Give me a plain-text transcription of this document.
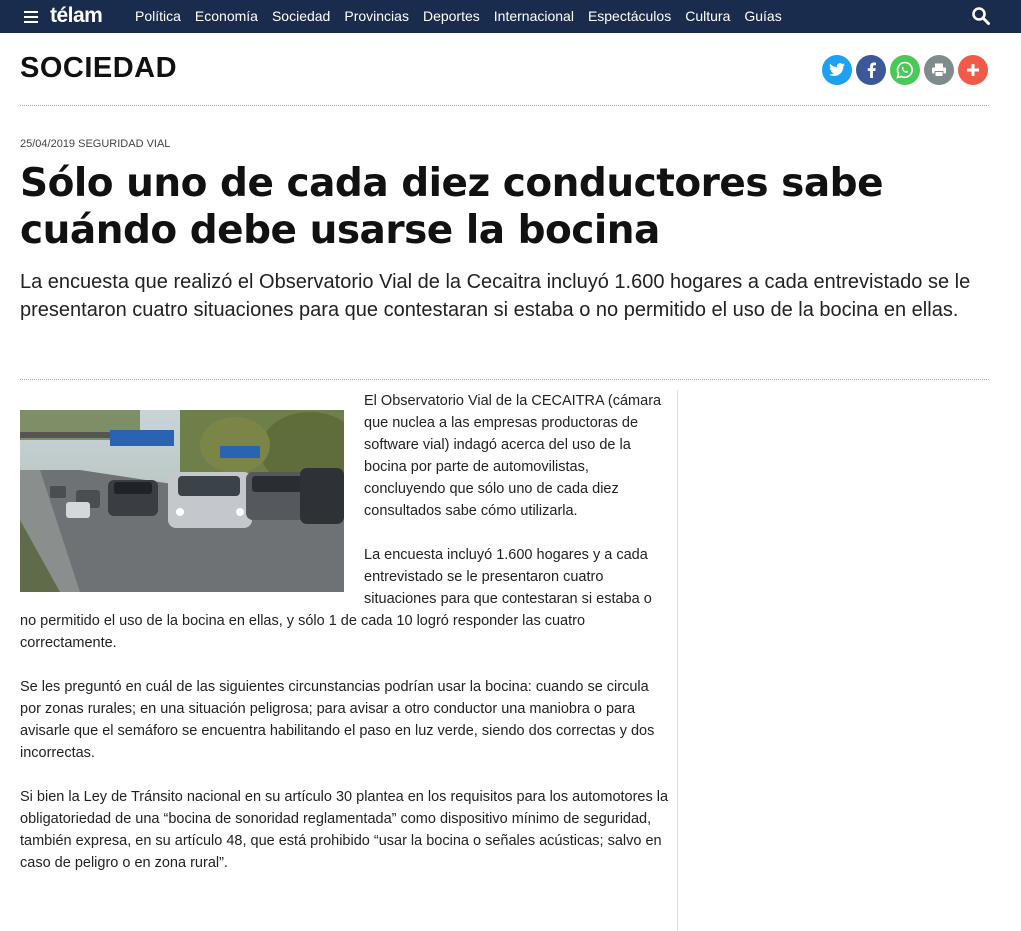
télam Política Economía Sociedad Provincias Deportes Internacional Espectáculos Cultura Guías
SOCIEDAD
25/04/2019 SEGURIDAD VIAL
Sólo uno de cada diez conductores sabe cuándo debe usarse la bocina

La encuesta que realizó el Observatorio Vial de la Cecaitra incluyó 1.600 hogares a cada entrevistado se le presentaron cuatro situaciones para que contestaran si estaba o no permitido el uso de la bocina en ellas.

El Observatorio Vial de la CECAITRA (cámara que nuclea a las empresas productoras de software vial) indagó acerca del uso de la bocina por parte de automovilistas, concluyendo que sólo uno de cada diez consultados sabe cómo utilizarla.

La encuesta incluyó 1.600 hogares y a cada entrevistado se le presentaron cuatro situaciones para que contestaran si estaba o no permitido el uso de la bocina en ellas, y sólo 1 de cada 10 logró responder las cuatro correctamente.

Se les preguntó en cuál de las siguientes circunstancias podrían usar la bocina: cuando se circula por zonas rurales; en una situación peligrosa; para avisar a otro conductor una maniobra o para avisarle que el semáforo se encuentra habilitando el paso en luz verde, siendo dos correctas y dos incorrectas.

Si bien la Ley de Tránsito nacional en su artículo 30 plantea en los requisitos para los automotores la obligatoriedad de una “bocina de sonoridad reglamentada” como dispositivo mínimo de seguridad, también expresa, en su artículo 48, que está prohibido “usar la bocina o señales acústicas; salvo en caso de peligro o en zona rural”.
